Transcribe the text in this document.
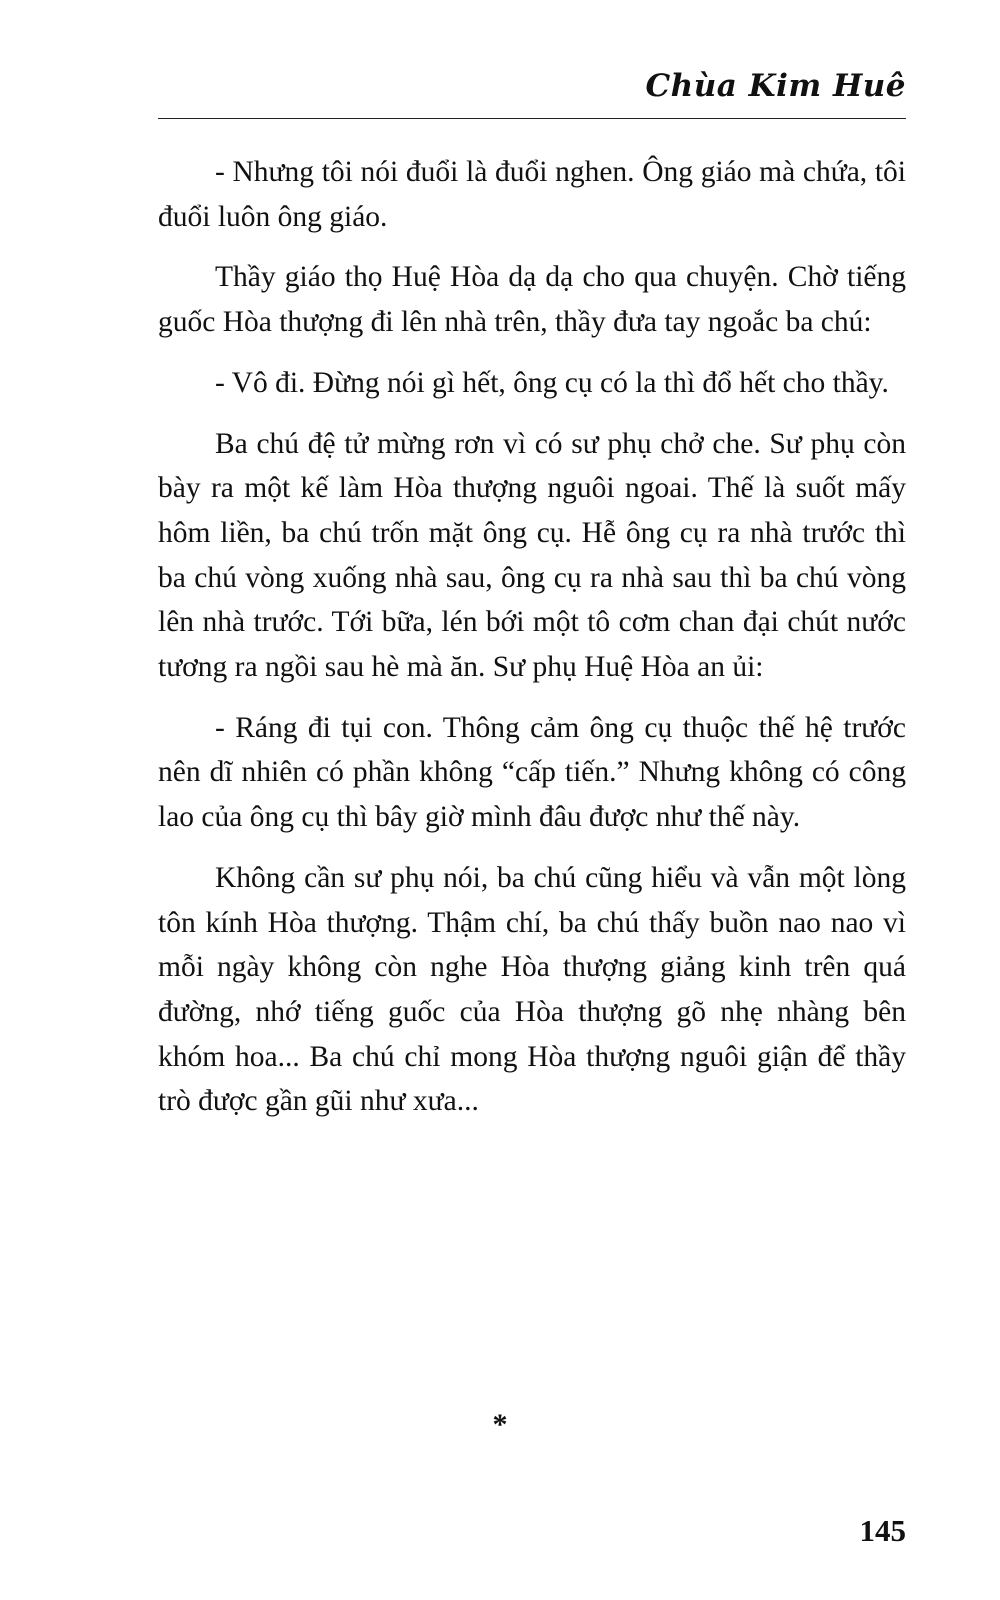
Chùa Kim Huê

- Nhưng tôi nói đuổi là đuổi nghen. Ông giáo mà chứa, tôi đuổi luôn ông giáo.

Thầy giáo thọ Huệ Hòa dạ dạ cho qua chuyện. Chờ tiếng guốc Hòa thượng đi lên nhà trên, thầy đưa tay ngoắc ba chú:

- Vô đi. Đừng nói gì hết, ông cụ có la thì đổ hết cho thầy.

Ba chú đệ tử mừng rơn vì có sư phụ chở che. Sư phụ còn bày ra một kế làm Hòa thượng nguôi ngoai. Thế là suốt mấy hôm liền, ba chú trốn mặt ông cụ. Hễ ông cụ ra nhà trước thì ba chú vòng xuống nhà sau, ông cụ ra nhà sau thì ba chú vòng lên nhà trước. Tới bữa, lén bới một tô cơm chan đại chút nước tương ra ngồi sau hè mà ăn. Sư phụ Huệ Hòa an ủi:

- Ráng đi tụi con. Thông cảm ông cụ thuộc thế hệ trước nên dĩ nhiên có phần không “cấp tiến.” Nhưng không có công lao của ông cụ thì bây giờ mình đâu được như thế này.

Không cần sư phụ nói, ba chú cũng hiểu và vẫn một lòng tôn kính Hòa thượng. Thậm chí, ba chú thấy buồn nao nao vì mỗi ngày không còn nghe Hòa thượng giảng kinh trên quá đường, nhớ tiếng guốc của Hòa thượng gõ nhẹ nhàng bên khóm hoa... Ba chú chỉ mong Hòa thượng nguôi giận để thầy trò được gần gũi như xưa...

*
145
